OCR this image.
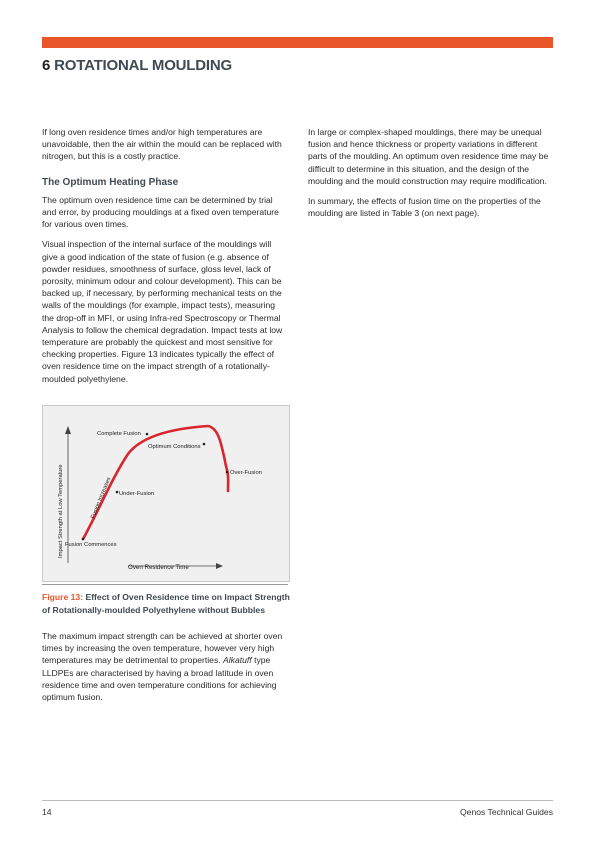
6 ROTATIONAL MOULDING

If long oven residence times and/or high temperatures are unavoidable, then the air within the mould can be replaced with nitrogen, but this is a costly practice.

The Optimum Heating Phase

The optimum oven residence time can be determined by trial and error, by producing mouldings at a fixed oven temperature for various oven times.

Visual inspection of the internal surface of the mouldings will give a good indication of the state of fusion (e.g. absence of powder residues, smoothness of surface, gloss level, lack of porosity, minimum odour and colour development). This can be backed up, if necessary, by performing mechanical tests on the walls of the mouldings (for example, impact tests), measuring the drop-off in MFI, or using Infra-red Spectroscopy or Thermal Analysis to follow the chemical degradation. Impact tests at low temperature are probably the quickest and most sensitive for checking properties. Figure 13 indicates typically the effect of oven residence time on the impact strength of a rotationally-moulded polyethylene.

In large or complex-shaped mouldings, there may be unequal fusion and hence thickness or property variations in different parts of the moulding. An optimum oven residence time may be difficult to determine in this situation, and the design of the moulding and the mould construction may require modification.

In summary, the effects of fusion time on the properties of the moulding are listed in Table 3 (on next page).

Complete Fusion
Optimum Conditions
Over-Fusion
Under-Fusion
Fusion Commences
Fusion Increases
Oven Residence Time
Impact Strength at Low Temperature
Figure 13: Effect of Oven Residence time on Impact Strength of Rotationally-moulded Polyethylene without Bubbles

The maximum impact strength can be achieved at shorter oven times by increasing the oven temperature, however very high temperatures may be detrimental to properties. Alkatuff type LLDPEs are characterised by having a broad latitude in oven residence time and oven temperature conditions for achieving optimum fusion.

14	Qenos Technical Guides
